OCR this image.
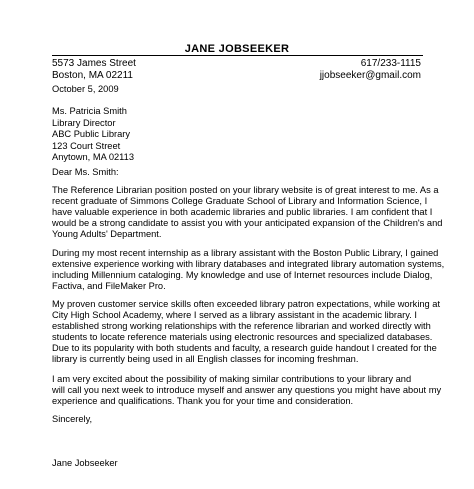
JANE JOBSEEKER
5573 James Street
Boston, MA 02211
617/233-1115
jjobseeker@gmail.com
October 5, 2009
Ms. Patricia Smith
Library Director
ABC Public Library
123 Court Street
Anytown, MA 02113
Dear Ms. Smith:
The Reference Librarian position posted on your library website is of great interest to me. As a
recent graduate of Simmons College Graduate School of Library and Information Science, I
have valuable experience in both academic libraries and public libraries. I am confident that I
would be a strong candidate to assist you with your anticipated expansion of the Children's and
Young Adults' Department.
During my most recent internship as a library assistant with the Boston Public Library, I gained
extensive experience working with library databases and integrated library automation systems,
including Millennium cataloging. My knowledge and use of Internet resources include Dialog,
Factiva, and FileMaker Pro.
My proven customer service skills often exceeded library patron expectations, while working at
City High School Academy, where I served as a library assistant in the academic library. I
established strong working relationships with the reference librarian and worked directly with
students to locate reference materials using electronic resources and specialized databases.
Due to its popularity with both students and faculty, a research guide handout I created for the
library is currently being used in all English classes for incoming freshman.
I am very excited about the possibility of making similar contributions to your library and
will call you next week to introduce myself and answer any questions you might have about my
experience and qualifications. Thank you for your time and consideration.
Sincerely,
Jane Jobseeker
